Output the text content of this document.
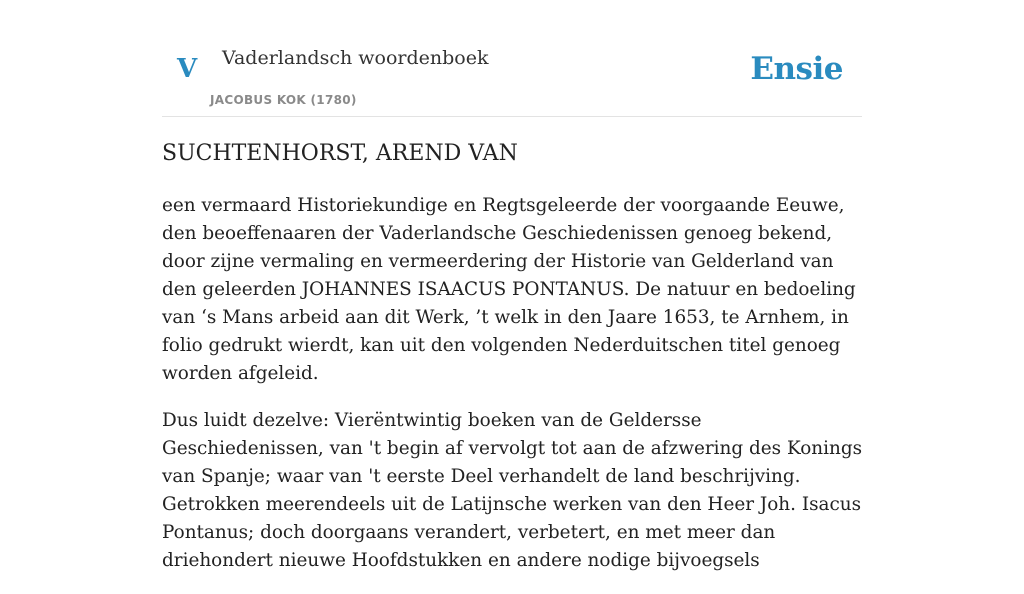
V Vaderlandsch woordenboek
JACOBUS KOK (1780)
Ensie
SUCHTENHORST, AREND VAN

een vermaard Historiekundige en Regtsgeleerde der voorgaande Eeuwe, den beoeffenaaren der Vaderlandsche Geschiedenissen genoeg bekend, door zijne vermaling en vermeerdering der Historie van Gelderland van den geleerden JOHANNES ISAACUS PONTANUS. De natuur en bedoeling van ‘s Mans arbeid aan dit Werk, ’t welk in den Jaare 1653, te Arnhem, in folio gedrukt wierdt, kan uit den volgenden Nederduitschen titel genoeg worden afgeleid.

Dus luidt dezelve: Vierëntwintig boeken van de Geldersse Geschiedenissen, van 't begin af vervolgt tot aan de afzwering des Konings van Spanje; waar van 't eerste Deel verhandelt de land beschrijving. Getrokken meerendeels uit de Latijnsche werken van den Heer Joh. Isacus Pontanus; doch doorgaans verandert, verbetert, en met meer dan driehondert nieuwe Hoofdstukken en andere nodige bijvoegsels
